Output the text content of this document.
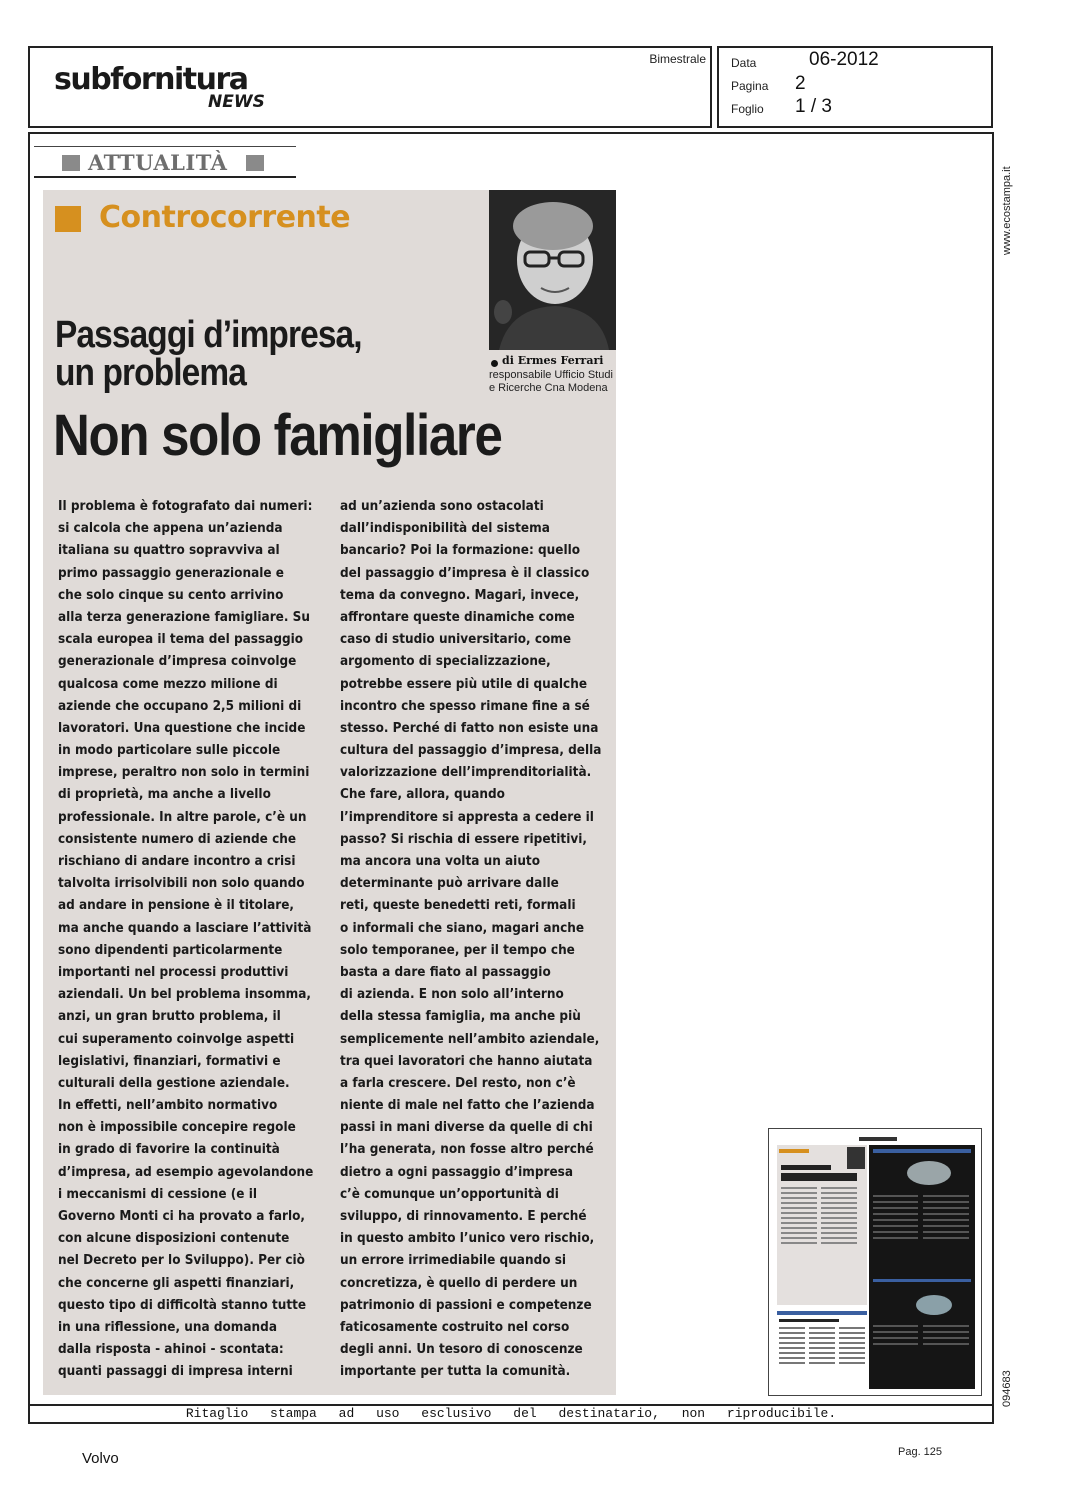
subfornitura
NEWS
Bimestrale Data	06-2012
Pagina 2
Foglio 1 / 3
www.ecostampa.it
094683
ATTUALITÀ
Controcorrente
di Ermes Ferrari
responsabile Ufficio Studi
e Ricerche Cna Modena
Passaggi d’impresa,
un problema
Non solo famigliare
Il problema è fotografato dai numeri:
si calcola che appena un’azienda
italiana su quattro sopravviva al
primo passaggio generazionale e
che solo cinque su cento arrivino
alla terza generazione famigliare. Su
scala europea il tema del passaggio
generazionale d’impresa coinvolge
qualcosa come mezzo milione di
aziende che occupano 2,5 milioni di
lavoratori. Una questione che incide
in modo particolare sulle piccole
imprese, peraltro non solo in termini
di proprietà, ma anche a livello
professionale. In altre parole, c’è un
consistente numero di aziende che
rischiano di andare incontro a crisi
talvolta irrisolvibili non solo quando
ad andare in pensione è il titolare,
ma anche quando a lasciare l’attività
sono dipendenti particolarmente
importanti nel processi produttivi
aziendali. Un bel problema insomma,
anzi, un gran brutto problema, il
cui superamento coinvolge aspetti
legislativi, finanziari, formativi e
culturali della gestione aziendale.
In effetti, nell’ambito normativo
non è impossibile concepire regole
in grado di favorire la continuità
d’impresa, ad esempio agevolandone
i meccanismi di cessione (e il
Governo Monti ci ha provato a farlo,
con alcune disposizioni contenute
nel Decreto per lo Sviluppo). Per ciò
che concerne gli aspetti finanziari,
questo tipo di difficoltà stanno tutte
in una riflessione, una domanda
dalla risposta - ahinoi - scontata:
quanti passaggi di impresa interni
ad un’azienda sono ostacolati
dall’indisponibilità del sistema
bancario? Poi la formazione: quello
del passaggio d’impresa è il classico
tema da convegno. Magari, invece,
affrontare queste dinamiche come
caso di studio universitario, come
argomento di specializzazione,
potrebbe essere più utile di qualche
incontro che spesso rimane fine a sé
stesso. Perché di fatto non esiste una
cultura del passaggio d’impresa, della
valorizzazione dell’imprenditorialità.
Che fare, allora, quando
l’imprenditore si appresta a cedere il
passo? Si rischia di essere ripetitivi,
ma ancora una volta un aiuto
determinante può arrivare dalle
reti, queste benedetti reti, formali
o informali che siano, magari anche
solo temporanee, per il tempo che
basta a dare fiato al passaggio
di azienda. E non solo all’interno
della stessa famiglia, ma anche più
semplicemente nell’ambito aziendale,
tra quei lavoratori che hanno aiutata
a farla crescere. Del resto, non c’è
niente di male nel fatto che l’azienda
passi in mani diverse da quelle di chi
l’ha generata, non fosse altro perché
dietro a ogni passaggio d’impresa
c’è comunque un’opportunità di
sviluppo, di rinnovamento. E perché
in questo ambito l’unico vero rischio,
un errore irrimediabile quando si
concretizza, è quello di perdere un
patrimonio di passioni e competenze
faticosamente costruito nel corso
degli anni. Un tesoro di conoscenze
importante per tutta la comunità.
Ritaglio stampa ad uso esclusivo del destinatario, non riproducibile.
Volvo	Pag. 125
